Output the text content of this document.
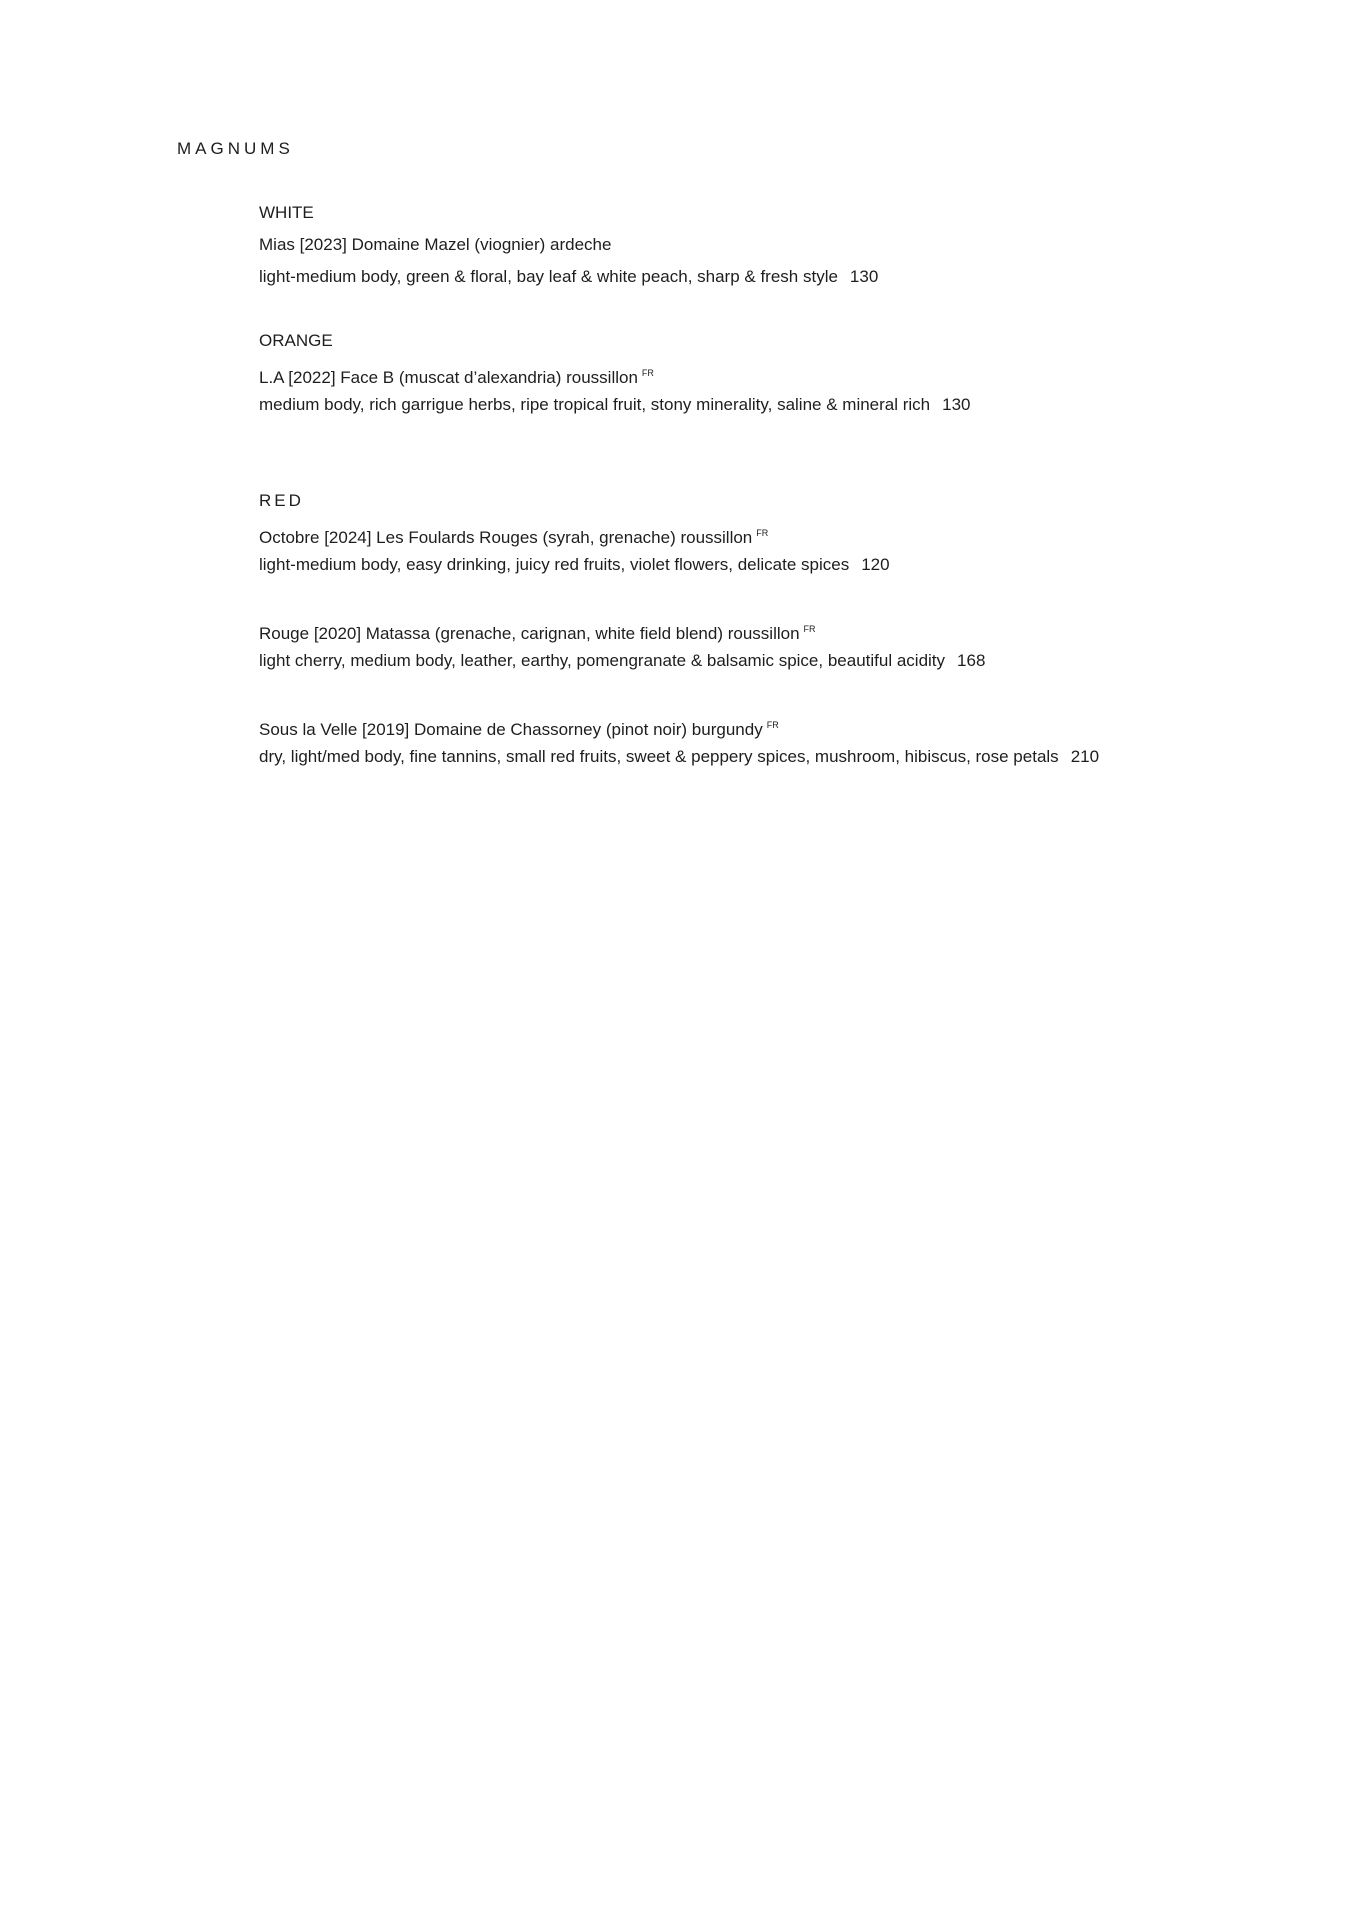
MAGNUMS
WHITE
Mias [2023] Domaine Mazel (viognier) ardeche
light-medium body, green & floral, bay leaf & white peach, sharp & fresh style 130
ORANGE
L.A [2022] Face B (muscat d’alexandria) roussillon $^{FR}$
medium body, rich garrigue herbs, ripe tropical fruit, stony minerality, saline & mineral rich 130
RED
Octobre [2024] Les Foulards Rouges (syrah, grenache) roussillon $^{FR}$
light-medium body, easy drinking, juicy red fruits, violet flowers, delicate spices 120
Rouge [2020] Matassa (grenache, carignan, white field blend) roussillon $^{FR}$
light cherry, medium body, leather, earthy, pomengranate & balsamic spice, beautiful acidity 168
Sous la Velle [2019] Domaine de Chassorney (pinot noir) burgundy $^{FR}$
dry, light/med body, fine tannins, small red fruits, sweet & peppery spices, mushroom, hibiscus, rose petals 210
